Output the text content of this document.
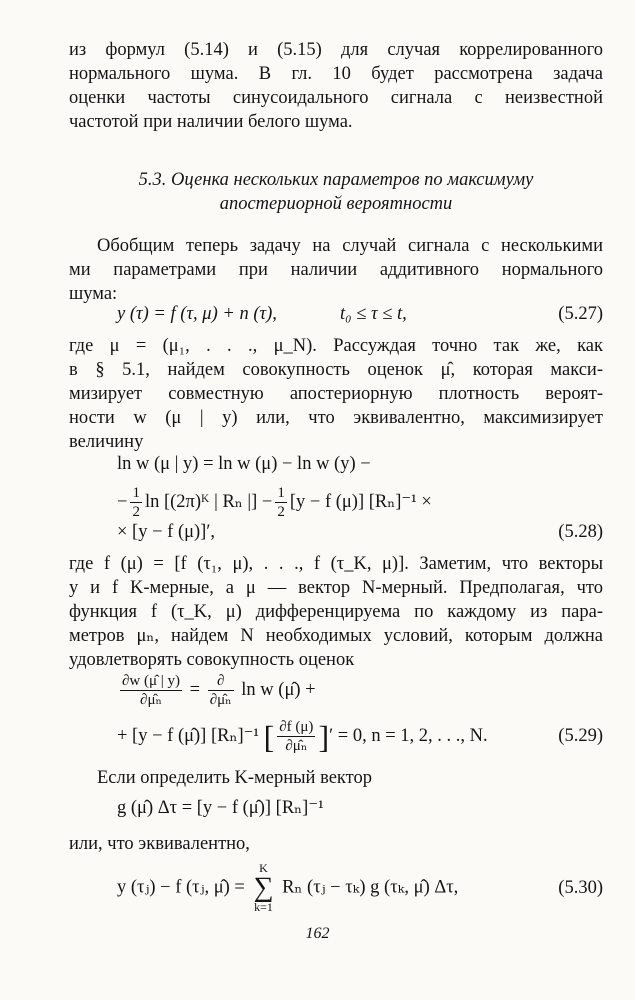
из формул (5.14) и (5.15) для случая коррелированного
нормального шума. В гл. 10 будет рассмотрена задача
оценки частоты синусоидального сигнала с неизвестной
частотой при наличии белого шума.
5.3. Оценка нескольких параметров по максимуму
апостериорной вероятности
Обобщим теперь задачу на случай сигнала с несколькими
ми параметрами при наличии аддитивного нормального
шума:
y (τ) = f (τ, μ) + n (τ),	t₀ ≤ τ ≤ t,	(5.27)
где μ = (μ₁, . . ., μ_N). Рассуждая точно так же, как
в § 5.1, найдем совокупность оценок μ̂, которая макси-
мизирует совместную апостериорную плотность вероят-
ности w (μ | y) или, что эквивалентно, максимизирует
величину
ln w (μ | y) = ln w (μ) − ln w (y) −
− $\frac{1}{2}$ ln [(2π)ᴷ | Rₙ |] − $\frac{1}{2} [y - f$ (μ)] [Rₙ]⁻¹ ×
× [y − f (μ)]′,	(5.28)
где f (μ) = [f (τ₁, μ), . . ., f (τ_K, μ)]. Заметим, что векторы
y и f K-мерные, а μ — вектор N-мерный. Предполагая, что
функция f (τ_K, μ) дифференцируема по каждому из пара-
метров μₙ, найдем N необходимых условий, которым должна
удовлетворять совокупность оценок
$\frac{\partial w (\mû | y)}{\text{∂μ̂ₙ}} = \frac{\partial}{\text{∂μ̂ₙ}}$ ln w (μ̂) +
+ [y − f (μ̂)] [Rₙ]⁻¹ [ $\frac{\partial f (\mu)}{\text{∂μ̂ₙ}}$ ]′ = 0, n = 1, 2, . . ., N.	(5.29)
Если определить K-мерный вектор
g (μ̂) Δτ = [y − f (μ̂)] [Rₙ]⁻¹
или, что эквивалентно,
y (τⱼ) − f (τⱼ, μ̂) =
K
∑
k=1
Rₙ (τⱼ − τₖ) g (τₖ, μ̂) Δτ,	(5.30)
162
